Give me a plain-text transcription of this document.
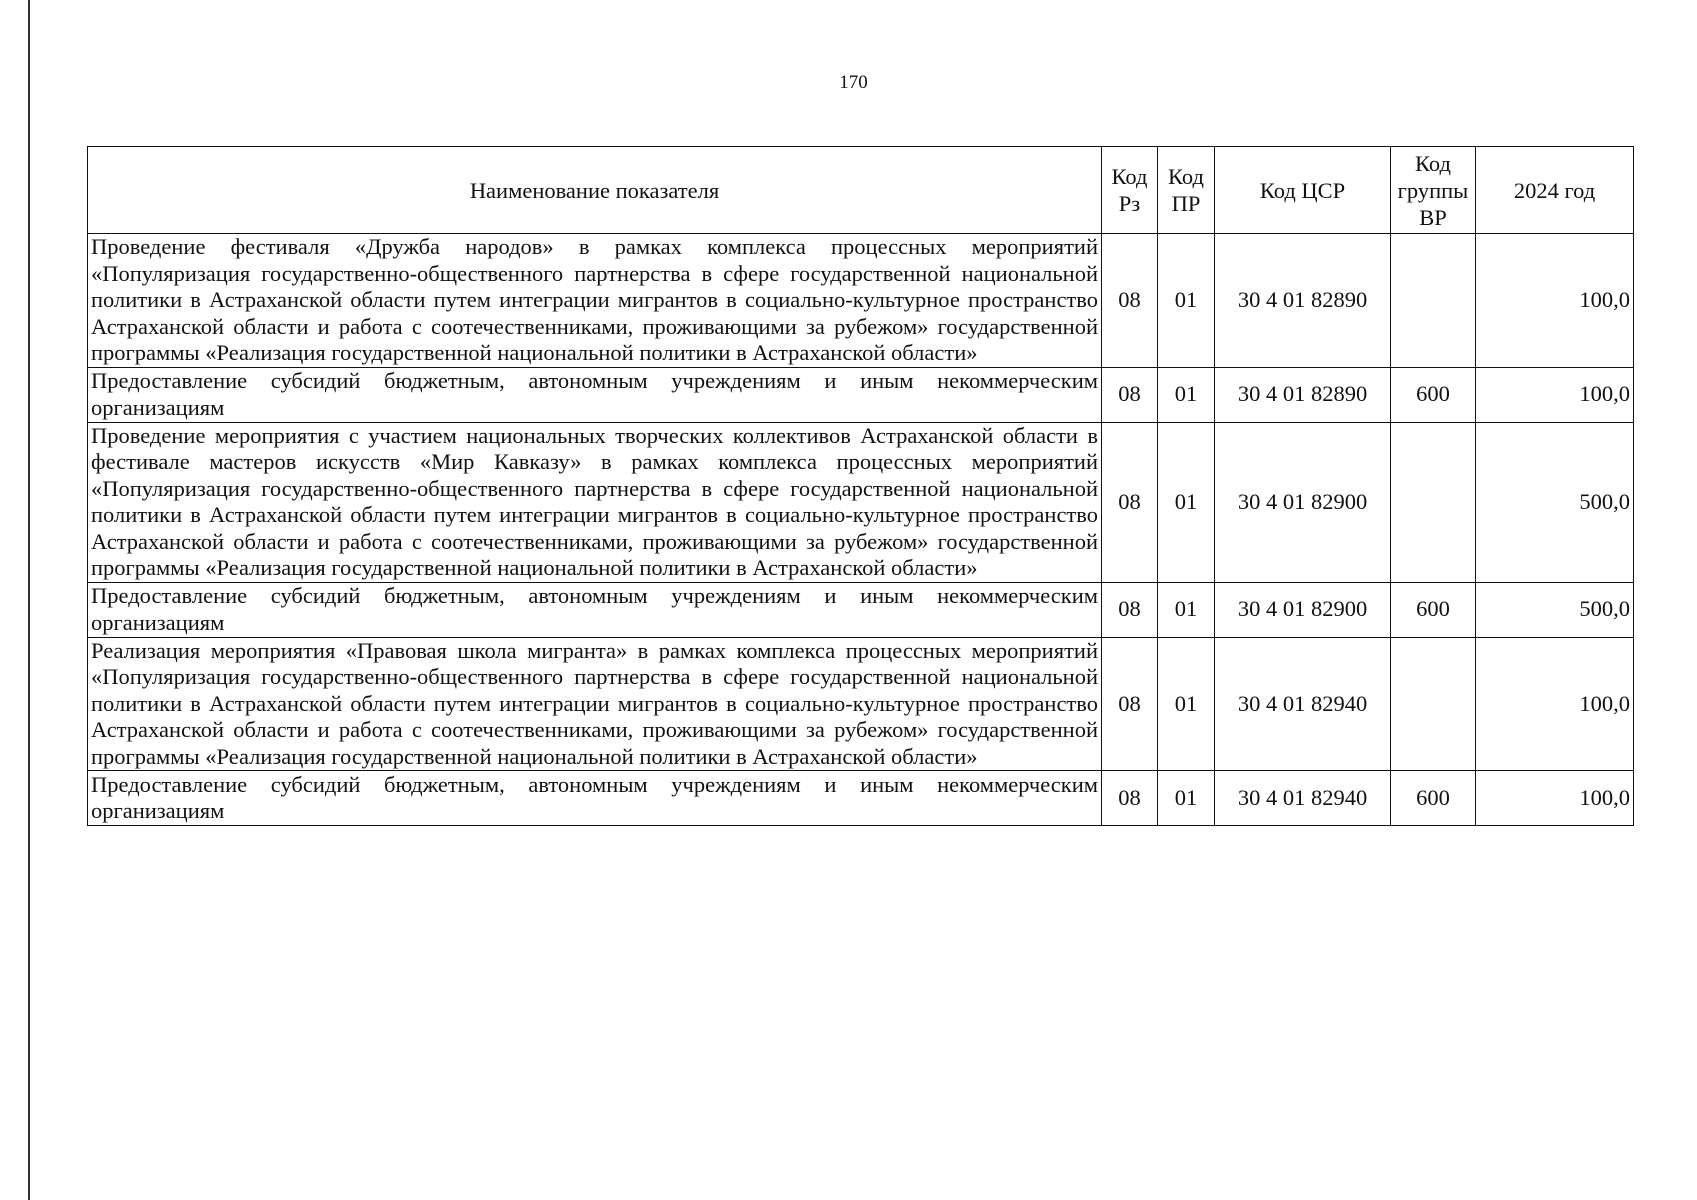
170
Наименование показателя	Код Рз	Код ПР	Код ЦСР	Код группы ВР	2024 год
Проведение фестиваля «Дружба народов» в рамках комплекса процессных мероприятий «Популяризация государственно-общественного партнерства в сфере государственной национальной политики в Астраханской области путем интеграции мигрантов в социально-культурное пространство Астраханской области и работа с соотечественниками, проживающими за рубежом» государственной программы «Реализация государственной национальной политики в Астраханской области»	08	01	30 4 01 82890		100,0
Предоставление субсидий бюджетным, автономным учреждениям и иным некоммерческим организациям	08	01	30 4 01 82890	600	100,0
Проведение мероприятия с участием национальных творческих коллективов Астраханской области в фестивале мастеров искусств «Мир Кавказу» в рамках комплекса процессных мероприятий «Популяризация государственно-общественного партнерства в сфере государственной национальной политики в Астраханской области путем интеграции мигрантов в социально-культурное пространство Астраханской области и работа с соотечественниками, проживающими за рубежом» государственной программы «Реализация государственной национальной политики в Астраханской области»	08	01	30 4 01 82900		500,0
Предоставление субсидий бюджетным, автономным учреждениям и иным некоммерческим организациям	08	01	30 4 01 82900	600	500,0
Реализация мероприятия «Правовая школа мигранта» в рамках комплекса процессных мероприятий «Популяризация государственно-общественного партнерства в сфере государственной национальной политики в Астраханской области путем интеграции мигрантов в социально-культурное пространство Астраханской области и работа с соотечественниками, проживающими за рубежом» государственной программы «Реализация государственной национальной политики в Астраханской области»	08	01	30 4 01 82940		100,0
Предоставление субсидий бюджетным, автономным учреждениям и иным некоммерческим организациям	08	01	30 4 01 82940	600	100,0
